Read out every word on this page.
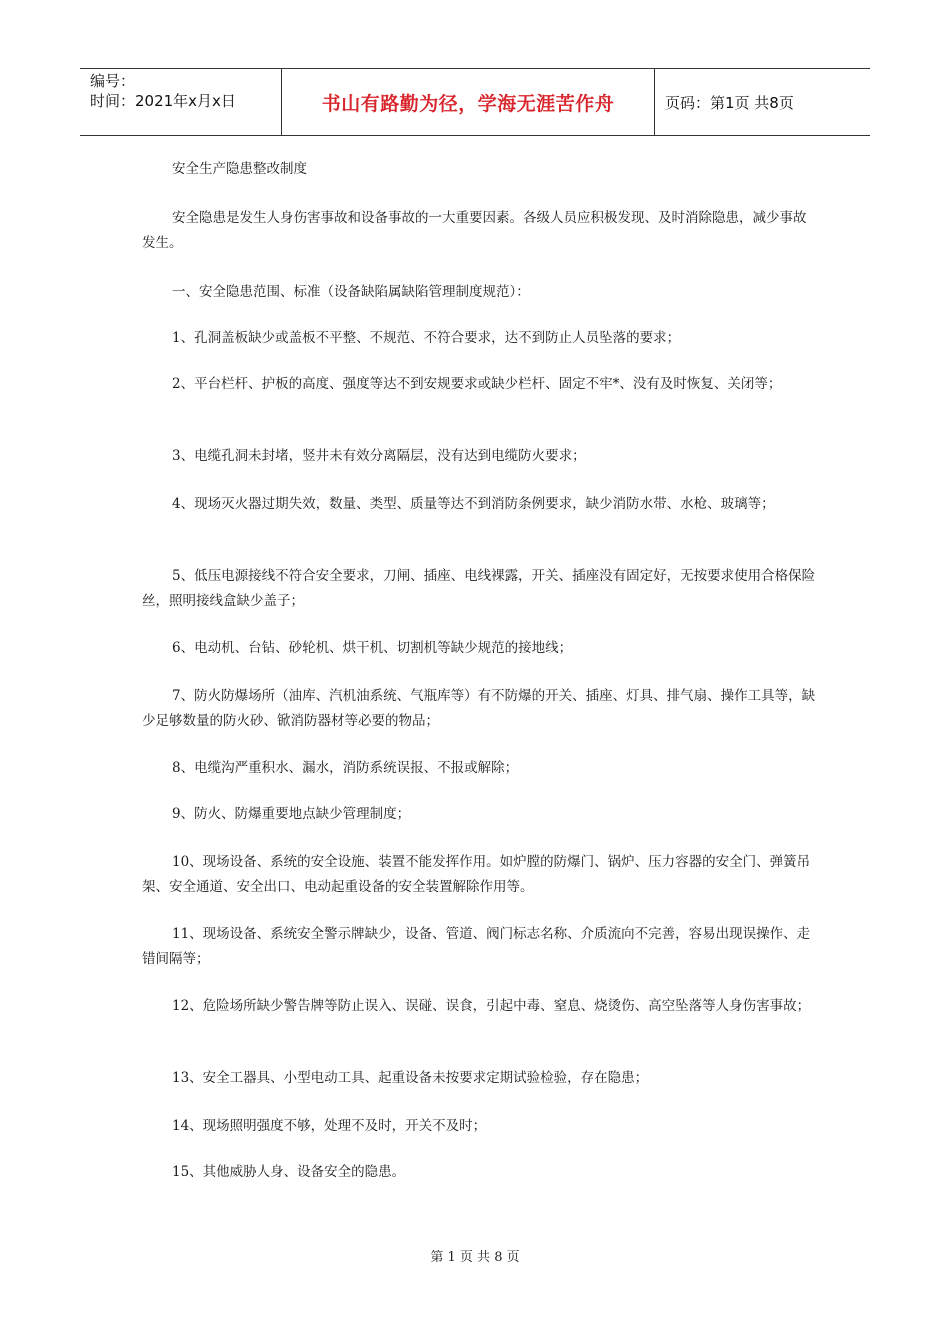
编号：
时间：2021年x月x日	书山有路勤为径，学海无涯苦作舟	页码：第1页 共8页
安全生产隐患整改制度
安全隐患是发生人身伤害事故和设备事故的一大重要因素。各级人员应积极发现、及时消除隐患，减少事故发生。
一、安全隐患范围、标准（设备缺陷属缺陷管理制度规范）：
1、孔洞盖板缺少或盖板不平整、不规范、不符合要求，达不到防止人员坠落的要求；
2、平台栏杆、护板的高度、强度等达不到安规要求或缺少栏杆、固定不牢*、没有及时恢复、关闭等；
3、电缆孔洞未封堵，竖井未有效分离隔层，没有达到电缆防火要求；
4、现场灭火器过期失效，数量、类型、质量等达不到消防条例要求，缺少消防水带、水枪、玻璃等；
5、低压电源接线不符合安全要求，刀闸、插座、电线裸露，开关、插座没有固定好，无按要求使用合格保险丝，照明接线盒缺少盖子；
6、电动机、台钻、砂轮机、烘干机、切割机等缺少规范的接地线；
7、防火防爆场所（油库、汽机油系统、气瓶库等）有不防爆的开关、插座、灯具、排气扇、操作工具等，缺少足够数量的防火砂、锨消防器材等必要的物品；
8、电缆沟严重积水、漏水，消防系统误报、不报或解除；
9、防火、防爆重要地点缺少管理制度；
10、现场设备、系统的安全设施、装置不能发挥作用。如炉膛的防爆门、锅炉、压力容器的安全门、弹簧吊架、安全通道、安全出口、电动起重设备的安全装置解除作用等。
11、现场设备、系统安全警示牌缺少，设备、管道、阀门标志名称、介质流向不完善，容易出现误操作、走错间隔等；
12、危险场所缺少警告牌等防止误入、误碰、误食，引起中毒、窒息、烧烫伤、高空坠落等人身伤害事故；
13、安全工器具、小型电动工具、起重设备未按要求定期试验检验，存在隐患；
14、现场照明强度不够，处理不及时，开关不及时；
15、其他威胁人身、设备安全的隐患。
第 1 页 共 8 页
